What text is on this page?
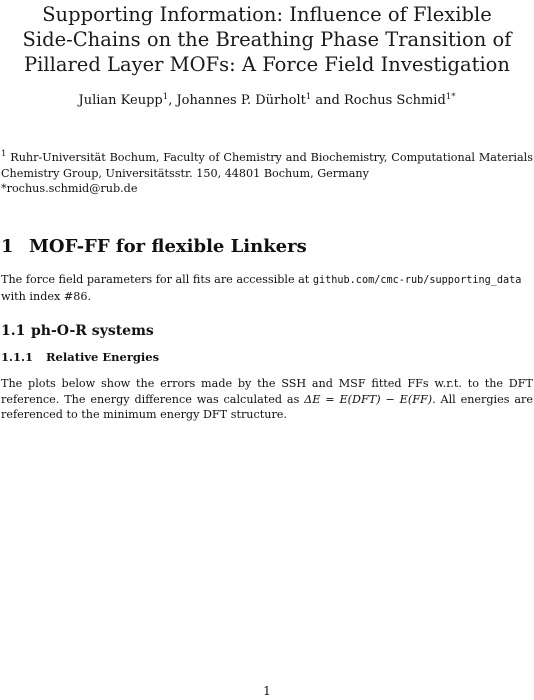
Supporting Information: Influence of Flexible
Side-Chains on the Breathing Phase Transition of
Pillared Layer MOFs: A Force Field Investigation
Julian Keupp$^1$, Johannes P. Dürholt$^1$ and Rochus Schmid$^{1*}$
$^1$ Ruhr-Universität Bochum, Faculty of Chemistry and Biochemistry, Computational Materials
Chemistry Group, Universitätsstr. 150, 44801 Bochum, Germany
*rochus.schmid@rub.de
1 MOF-FF for flexible Linkers
The force field parameters for all fits are accessible at github.com/cmc-rub/supporting_data
with index #86.
1.1 ph-O-R systems
1.1.1 Relative Energies
The plots below show the errors made by the SSH and MSF fitted FFs w.r.t. to the DFT
reference. The energy difference was calculated as ΔE = E(DFT) − E(FF). All energies are
referenced to the minimum energy DFT structure.
1
